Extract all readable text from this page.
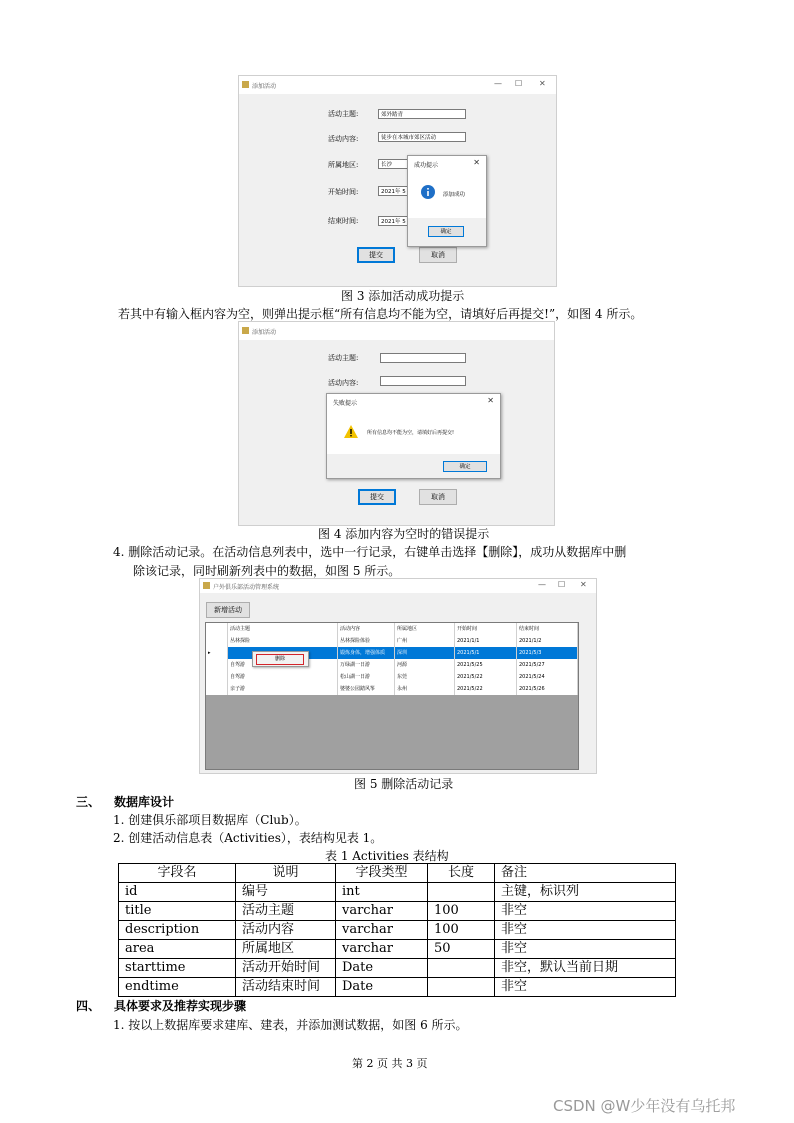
添加活动	— ☐ ✕
活动主题:	郊外踏青
活动内容:	徒步在本城市郊区活动
所属地区:	长沙
开始时间:	2021年 5
结束时间:	2021年 5
提交	取消
成功提示	✕
添加成功
确定
图 3 添加活动成功提示
若其中有输入框内容为空，则弹出提示框“所有信息均不能为空，请填好后再提交!”，如图 4 所示。
添加活动
活动主题:
活动内容:
提交	取消
失败提示	✕
所有信息均不能为空，请填好后再提交!
确定
图 4 添加内容为空时的错误提示
4. 删除活动记录。在活动信息列表中，选中一行记录，右键单击选择【删除】，成功从数据库中删
除该记录，同时刷新列表中的数据，如图 5 所示。
户外俱乐部活动管理系统	— ☐ ✕
新增活动
活动主题	活动内容	所属地区	开始时间	结束时间
丛林探险	丛林探险体验	广州	2021/1/1	2021/1/2
▸	锻炼身体，增强体质	深圳	2021/5/1	2021/5/3
自驾游	万绿湖一日游	河源	2021/5/25	2021/5/27
自驾游	松山湖一日游	东莞	2021/5/22	2021/5/24
亲子游	婆婆公园踏风筝	永州	2021/5/22	2021/5/26
删除
图 5 删除活动记录
三、 数据库设计
1. 创建俱乐部项目数据库（Club）。
2. 创建活动信息表（Activities），表结构见表 1。
表 1 Activities 表结构
字段名	说明	字段类型	长度	备注
id	编号	int		主键，标识列
title	活动主题	varchar	100	非空
description	活动内容	varchar	100	非空
area	所属地区	varchar	50	非空
starttime	活动开始时间	Date		非空，默认当前日期
endtime	活动结束时间	Date		非空
四、 具体要求及推荐实现步骤
1. 按以上数据库要求建库、建表，并添加测试数据，如图 6 所示。
第 2 页 共 3 页
CSDN @W少年没有乌托邦
